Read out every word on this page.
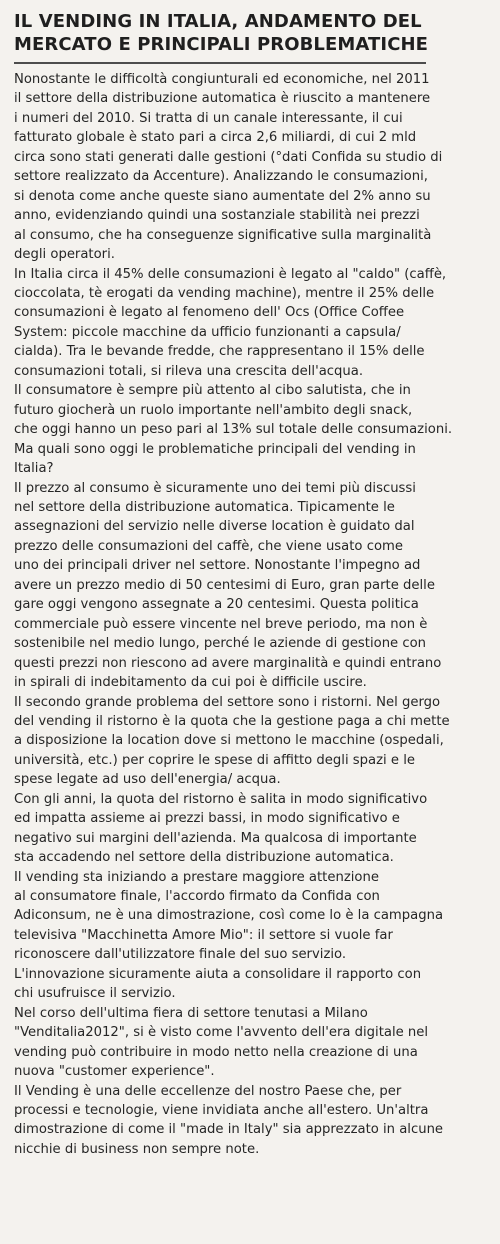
IL VENDING IN ITALIA, ANDAMENTO DEL
MERCATO E PRINCIPALI PROBLEMATICHE

Nonostante le difficoltà congiunturali ed economiche, nel 2011
il settore della distribuzione automatica è riuscito a mantenere
i numeri del 2010. Si tratta di un canale interessante, il cui
fatturato globale è stato pari a circa 2,6 miliardi, di cui 2 mld
circa sono stati generati dalle gestioni (°dati Confida su studio di
settore realizzato da Accenture). Analizzando le consumazioni,
si denota come anche queste siano aumentate del 2% anno su
anno, evidenziando quindi una sostanziale stabilità nei prezzi
al consumo, che ha conseguenze significative sulla marginalità
degli operatori.

In Italia circa il 45% delle consumazioni è legato al "caldo" (caffè,
cioccolata, tè erogati da vending machine), mentre il 25% delle
consumazioni è legato al fenomeno dell' Ocs (Office Coffee
System: piccole macchine da ufficio funzionanti a capsula/
cialda). Tra le bevande fredde, che rappresentano il 15% delle
consumazioni totali, si rileva una crescita dell'acqua.

Il consumatore è sempre più attento al cibo salutista, che in
futuro giocherà un ruolo importante nell'ambito degli snack,
che oggi hanno un peso pari al 13% sul totale delle consumazioni.
Ma quali sono oggi le problematiche principali del vending in
Italia?

Il prezzo al consumo è sicuramente uno dei temi più discussi
nel settore della distribuzione automatica. Tipicamente le
assegnazioni del servizio nelle diverse location è guidato dal
prezzo delle consumazioni del caffè, che viene usato come
uno dei principali driver nel settore. Nonostante l'impegno ad
avere un prezzo medio di 50 centesimi di Euro, gran parte delle
gare oggi vengono assegnate a 20 centesimi. Questa politica
commerciale può essere vincente nel breve periodo, ma non è
sostenibile nel medio lungo, perché le aziende di gestione con
questi prezzi non riescono ad avere marginalità e quindi entrano
in spirali di indebitamento da cui poi è difficile uscire.

Il secondo grande problema del settore sono i ristorni. Nel gergo
del vending il ristorno è la quota che la gestione paga a chi mette
a disposizione la location dove si mettono le macchine (ospedali,
università, etc.) per coprire le spese di affitto degli spazi e le
spese legate ad uso dell'energia/ acqua.

Con gli anni, la quota del ristorno è salita in modo significativo
ed impatta assieme ai prezzi bassi, in modo significativo e
negativo sui margini dell'azienda. Ma qualcosa di importante
sta accadendo nel settore della distribuzione automatica.

Il vending sta iniziando a prestare maggiore attenzione
al consumatore finale, l'accordo firmato da Confida con
Adiconsum, ne è una dimostrazione, così come lo è la campagna
televisiva "Macchinetta Amore Mio": il settore si vuole far
riconoscere dall'utilizzatore finale del suo servizio.

L'innovazione sicuramente aiuta a consolidare il rapporto con
chi usufruisce il servizio.

Nel corso dell'ultima fiera di settore tenutasi a Milano
"Venditalia2012", si è visto come l'avvento dell'era digitale nel
vending può contribuire in modo netto nella creazione di una
nuova "customer experience".

Il Vending è una delle eccellenze del nostro Paese che, per
processi e tecnologie, viene invidiata anche all'estero. Un'altra
dimostrazione di come il "made in Italy" sia apprezzato in alcune
nicchie di business non sempre note.
